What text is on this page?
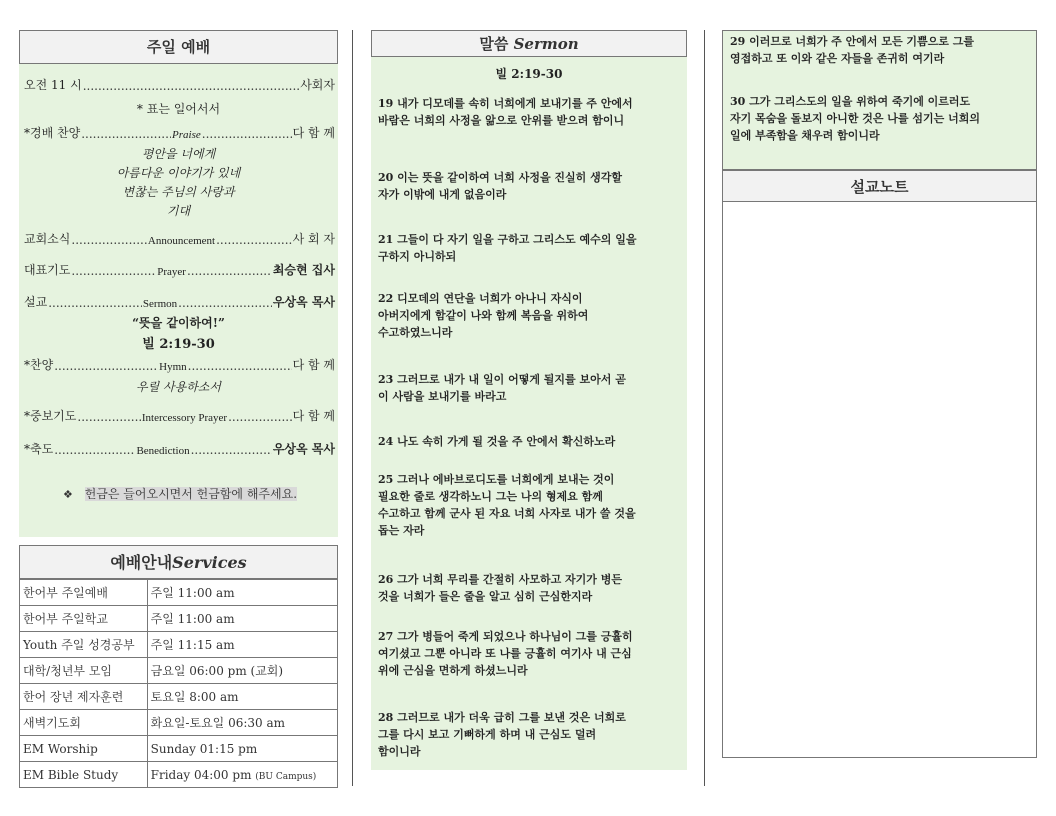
주일 예배
오전 11 시 .....	사회자
* 표는 일어서서
*경배 찬양 .....	Praise .....	다 함 께
평안을 너에게
아름다운 이야기가 있네
변찮는 주님의 사랑과
기대
교회소식 .....	Announcement .....	사 회 자
대표기도 .....	Prayer .....	최승현 집사
설교 .....	Sermon .....	우상옥 목사
“뜻을 같이하여!”
빌 2:19-30
*찬양 .....	Hymn .....	다 함 께
우릴 사용하소서
*중보기도 .....	Intercessory Prayer .....	다 함 께
*축도 .....	Benediction .....	우상옥 목사
❖ 헌금은 들어오시면서 헌금함에 해주세요.
예배안내Services
한어부 주일예배	주일 11:00 am
한어부 주일학교	주일 11:00 am
Youth 주일 성경공부	주일 11:15 am
대학/청년부 모임	금요일 06:00 pm (교회)
한어 장년 제자훈련	토요일 8:00 am
새벽기도회	화요일-토요일 06:30 am
EM Worship	Sunday 01:15 pm
EM Bible Study	Friday 04:00 pm (BU Campus)
말씀 Sermon
빌 2:19-30
19 내가 디모데를 속히 너희에게 보내기를 주 안에서
바람은 너희의 사정을 앎으로 안위를 받으려 함이니
20 이는 뜻을 같이하여 너희 사정을 진실히 생각할
자가 이밖에 내게 없음이라
21 그들이 다 자기 일을 구하고 그리스도 예수의 일을
구하지 아니하되
22 디모데의 연단을 너희가 아나니 자식이
아버지에게 함같이 나와 함께 복음을 위하여
수고하였느니라
23 그러므로 내가 내 일이 어떻게 될지를 보아서 곧
이 사람을 보내기를 바라고
24 나도 속히 가게 될 것을 주 안에서 확신하노라
25 그러나 에바브로디도를 너희에게 보내는 것이
필요한 줄로 생각하노니 그는 나의 형제요 함께
수고하고 함께 군사 된 자요 너희 사자로 내가 쓸 것을
돕는 자라
26 그가 너희 무리를 간절히 사모하고 자기가 병든
것을 너희가 들은 줄을 알고 심히 근심한지라
27 그가 병들어 죽게 되었으나 하나님이 그를 긍휼히
여기셨고 그뿐 아니라 또 나를 긍휼히 여기사 내 근심
위에 근심을 면하게 하셨느니라
28 그러므로 내가 더욱 급히 그를 보낸 것은 너희로
그를 다시 보고 기뻐하게 하며 내 근심도 덜려
함이니라
29 이러므로 너희가 주 안에서 모든 기쁨으로 그를
영접하고 또 이와 같은 자들을 존귀히 여기라
30 그가 그리스도의 일을 위하여 죽기에 이르러도
자기 목숨을 돌보지 아니한 것은 나를 섬기는 너희의
일에 부족함을 채우려 함이니라
설교노트
